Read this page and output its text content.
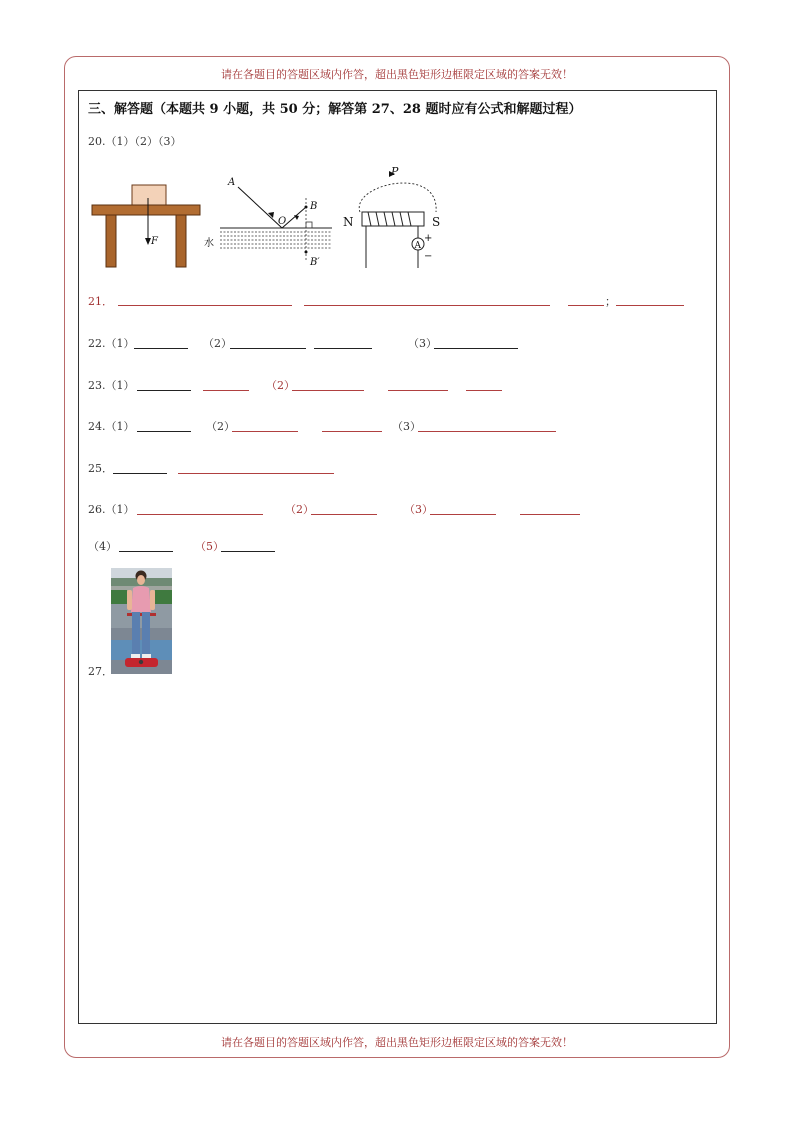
请在各题目的答题区域内作答，超出黑色矩形边框限定区域的答案无效！
请在各题目的答题区域内作答，超出黑色矩形边框限定区域的答案无效！
三、解答题（本题共 9 小题，共 50 分；解答第 27、28 题时应有公式和解题过程）
20.（1）（2）（3）
F
A
O
B
B′
水
P
N	S
A
+
−
21．	；
22.（1）	（2）	（3）
23.（1）	（2）
24.（1）	（2）	（3）
25．
26.（1）	（2）	（3）
（4）	（5）
27．
